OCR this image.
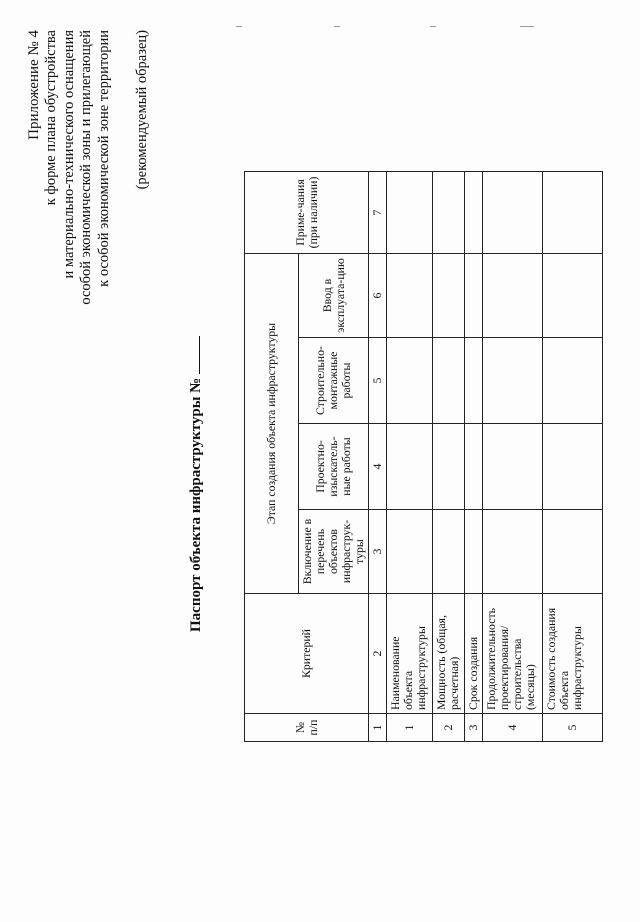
Приложение № 4 к форме плана обустройства и материально-технического оснащения особой экономической зоны и прилегающей к особой экономической зоне территории (рекомендуемый образец)
Паспорт объекта инфраструктуры №
№
п/п	Критерий	Этап создания объекта инфраструктуры				Приме-чания (при наличии)
		Включение в перечень объектов инфраструк-туры	Проектно-изыскатель-ные работы	Строительно-монтажные работы	Ввод в эксплуата-цию	
1	2	3	4	5	6	7
1	Наименование объекта инфраструктуры					
2	Мощность (общая, расчетная)					
3	Срок создания					
4	Продолжительность проектирования/ строительства (месяцы)					
5	Стоимость создания объекта инфраструктуры					
